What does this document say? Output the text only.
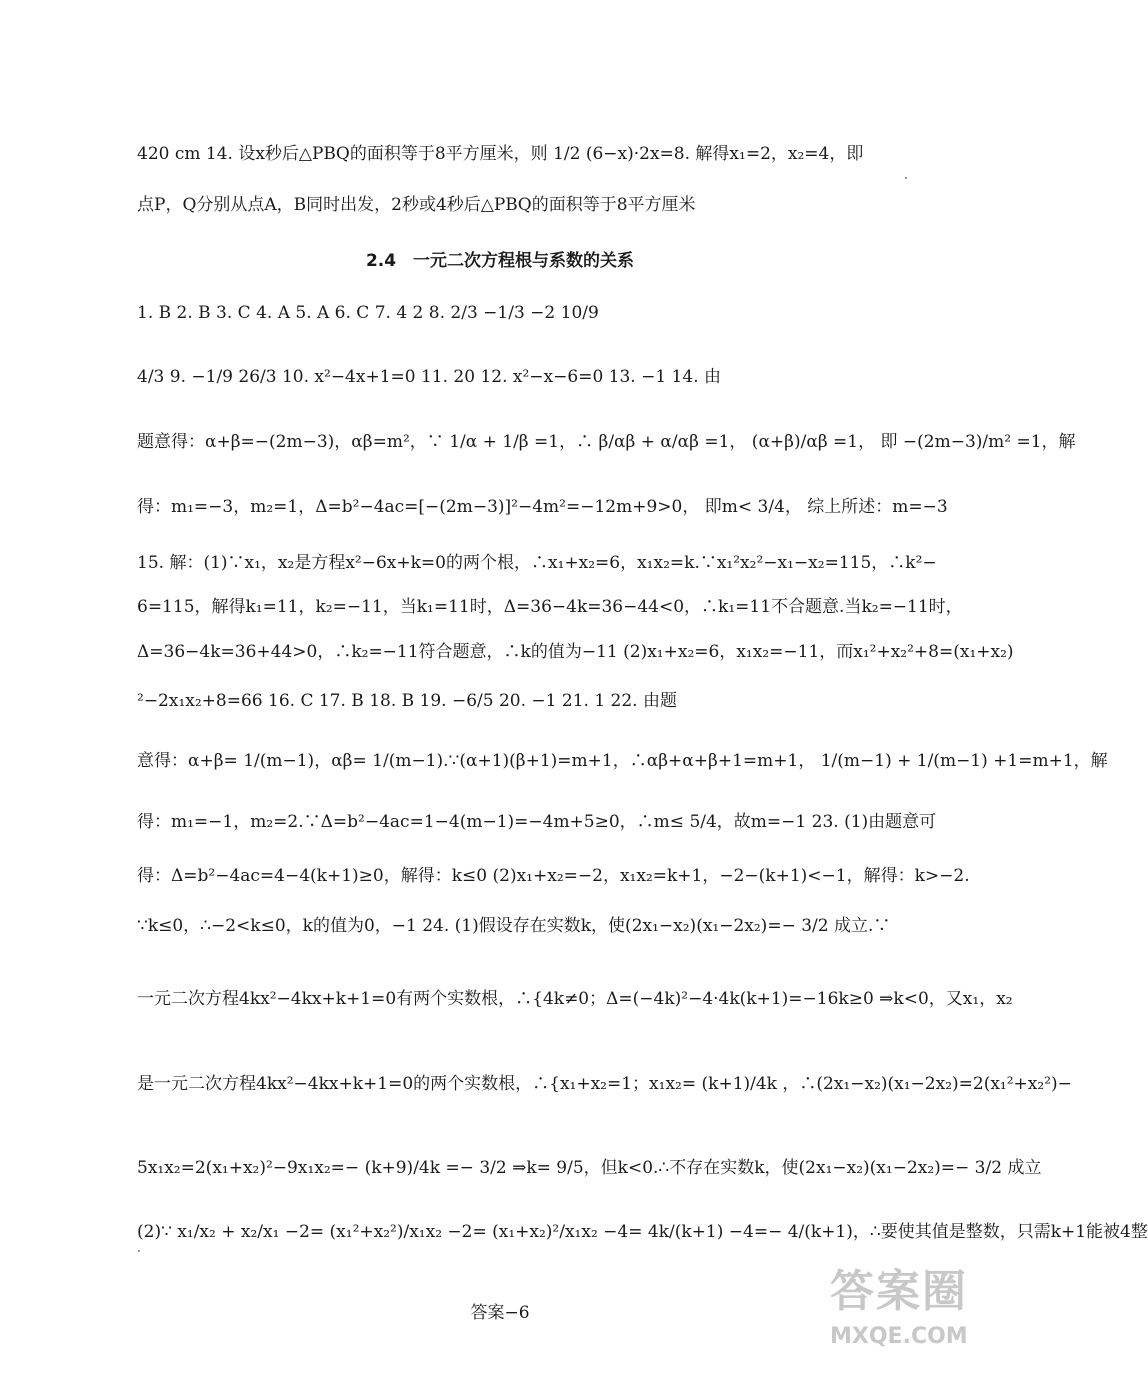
420 cm 14. 设x秒后△PBQ的面积等于8平方厘米，则 1/2 (6−x)·2x=8. 解得x₁=2，x₂=4，即
点P，Q分别从点A，B同时出发，2秒或4秒后△PBQ的面积等于8平方厘米
2.4　一元二次方程根与系数的关系
1. B 2. B 3. C 4. A 5. A 6. C 7. 4 2 8. 2/3 −1/3 −2 10/9
4/3 9. −1/9 26/3 10. x²−4x+1=0 11. 20 12. x²−x−6=0 13. −1 14. 由
题意得：α+β=−(2m−3)，αβ=m²，∵ 1/α + 1/β =1，∴ β/αβ + α/αβ =1， (α+β)/αβ =1， 即 −(2m−3)/m² =1，解
得：m₁=−3，m₂=1，Δ=b²−4ac=[−(2m−3)]²−4m²=−12m+9>0， 即m< 3/4， 综上所述：m=−3
15. 解：(1)∵x₁，x₂是方程x²−6x+k=0的两个根，∴x₁+x₂=6，x₁x₂=k.∵x₁²x₂²−x₁−x₂=115，∴k²−
6=115，解得k₁=11，k₂=−11，当k₁=11时，Δ=36−4k=36−44<0，∴k₁=11不合题意.当k₂=−11时，
Δ=36−4k=36+44>0，∴k₂=−11符合题意，∴k的值为−11 (2)x₁+x₂=6，x₁x₂=−11，而x₁²+x₂²+8=(x₁+x₂)
²−2x₁x₂+8=66 16. C 17. B 18. B 19. −6/5 20. −1 21. 1 22. 由题
意得：α+β= 1/(m−1)，αβ= 1/(m−1).∵(α+1)(β+1)=m+1，∴αβ+α+β+1=m+1， 1/(m−1) + 1/(m−1) +1=m+1，解
得：m₁=−1，m₂=2.∵Δ=b²−4ac=1−4(m−1)=−4m+5≥0，∴m≤ 5/4，故m=−1 23. (1)由题意可
得：Δ=b²−4ac=4−4(k+1)≥0，解得：k≤0 (2)x₁+x₂=−2，x₁x₂=k+1，−2−(k+1)<−1，解得：k>−2.
∵k≤0，∴−2<k≤0，k的值为0，−1 24. (1)假设存在实数k，使(2x₁−x₂)(x₁−2x₂)=− 3/2 成立.∵
一元二次方程4kx²−4kx+k+1=0有两个实数根，∴{4k≠0；Δ=(−4k)²−4·4k(k+1)=−16k≥0 ⇒k<0，又x₁，x₂
是一元二次方程4kx²−4kx+k+1=0的两个实数根，∴{x₁+x₂=1；x₁x₂= (k+1)/4k ，∴(2x₁−x₂)(x₁−2x₂)=2(x₁²+x₂²)−
5x₁x₂=2(x₁+x₂)²−9x₁x₂=− (k+9)/4k =− 3/2 ⇒k= 9/5，但k<0.∴不存在实数k，使(2x₁−x₂)(x₁−2x₂)=− 3/2 成立
(2)∵ x₁/x₂ + x₂/x₁ −2= (x₁²+x₂²)/x₁x₂ −2= (x₁+x₂)²/x₁x₂ −4= 4k/(k+1) −4=− 4/(k+1)，∴要使其值是整数，只需k+1能被4整
答案−6	答案圈
MXQE.COM
